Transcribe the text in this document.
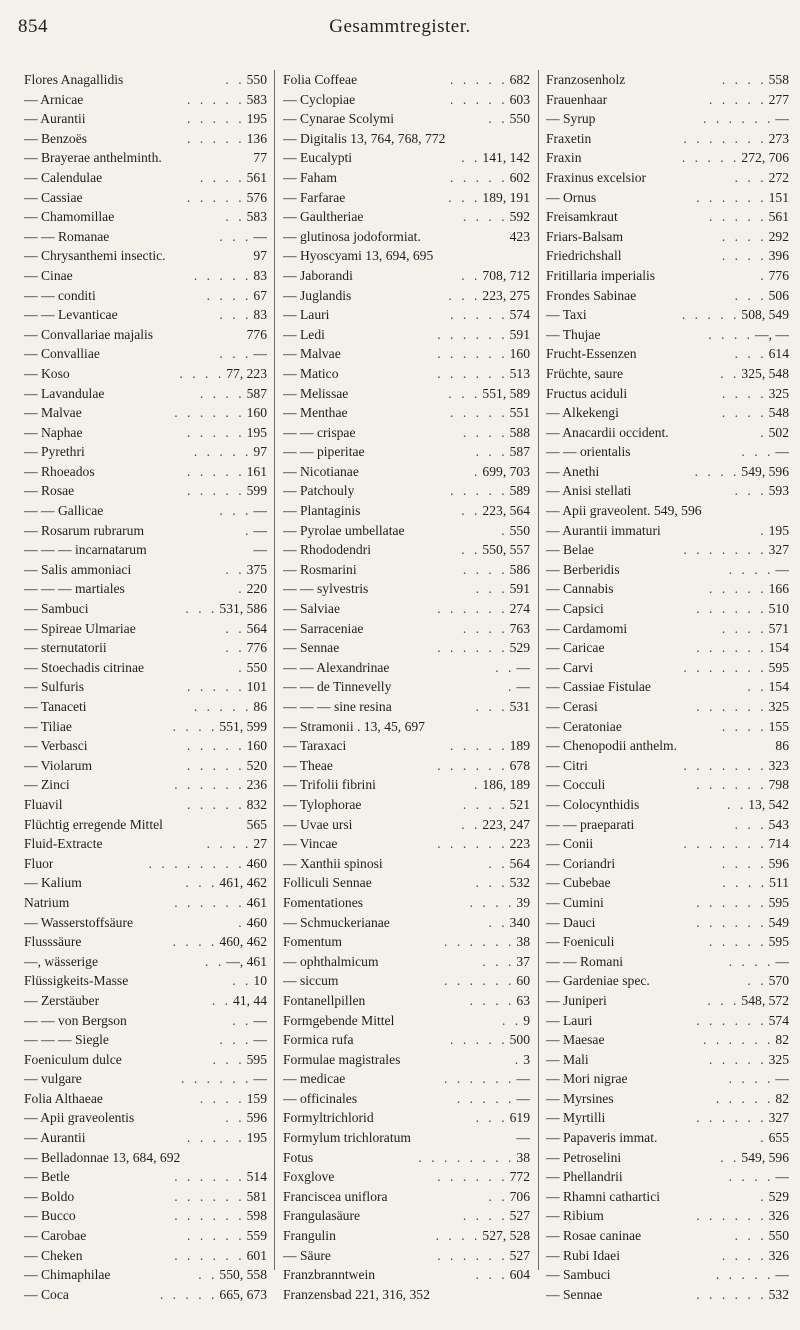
854	Gesammtregister.
Flores Anagallidis	. . 550
— Arnicae	. . . . . 583
— Aurantii	. . . . . 195
— Benzoës	. . . . . 136
— Brayerae anthelminth.	77
— Calendulae	. . . . 561
— Cassiae	. . . . . 576
— Chamomillae	. . 583
— — Romanae	. . . —
— Chrysanthemi insectic.	97
— Cinae	. . . . . 83
— — conditi	. . . . 67
— — Levanticae	. . . 83
— Convallariae majalis	776
— Convalliae	. . . —
— Koso	. . . . 77, 223
— Lavandulae	. . . . 587
— Malvae	. . . . . . 160
— Naphae	. . . . . 195
— Pyrethri	. . . . . 97
— Rhoeados	. . . . . 161
— Rosae	. . . . . 599
— — Gallicae	. . . —
— Rosarum rubrarum	. —
— — — incarnatarum	—
— Salis ammoniaci	. . 375
— — — martiales	. 220
— Sambuci	. . . 531, 586
— Spireae Ulmariae	. . 564
— sternutatorii	. . 776
— Stoechadis citrinae	. 550
— Sulfuris	. . . . . 101
— Tanaceti	. . . . . 86
— Tiliae	. . . . 551, 599
— Verbasci	. . . . . 160
— Violarum	. . . . . 520
— Zinci	. . . . . . 236
Fluavil	. . . . . 832
Flüchtig erregende Mittel	565
Fluid-Extracte	. . . . 27
Fluor	. . . . . . . . 460
— Kalium	. . . 461, 462
Natrium	. . . . . . 461
— Wasserstoffsäure	. 460
Flusssäure	. . . . 460, 462
—, wässerige	. . —, 461
Flüssigkeits-Masse	. . 10
— Zerstäuber	. . 41, 44
— — von Bergson	. . —
— — — Siegle	. . . —
Foeniculum dulce	. . . 595
— vulgare	. . . . . . —
Folia Althaeae	. . . . 159
— Apii graveolentis	. . 596
— Aurantii	. . . . . 195
— Belladonnae 13, 684, 692
— Betle	. . . . . . 514
— Boldo	. . . . . . 581
— Bucco	. . . . . . 598
— Carobae	. . . . . 559
— Cheken	. . . . . . 601
— Chimaphilae	. . 550, 558
— Coca	. . . . . 665, 673
Folia Coffeae	. . . . . 682
— Cyclopiae	. . . . . 603
— Cynarae Scolymi	. . 550
— Digitalis 13, 764, 768, 772
— Eucalypti	. . 141, 142
— Faham	. . . . . 602
— Farfarae	. . . 189, 191
— Gaultheriae	. . . . 592
— glutinosa jodoformiat.	423
— Hyoscyami 13, 694, 695
— Jaborandi	. . 708, 712
— Juglandis	. . . 223, 275
— Lauri	. . . . . 574
— Ledi	. . . . . . 591
— Malvae	. . . . . . 160
— Matico	. . . . . . 513
— Melissae	. . . 551, 589
— Menthae	. . . . . 551
— — crispae	. . . . 588
— — piperitae	. . . 587
— Nicotianae	. 699, 703
— Patchouly	. . . . . 589
— Plantaginis	. . 223, 564
— Pyrolae umbellatae	. 550
— Rhododendri	. . 550, 557
— Rosmarini	. . . . 586
— — sylvestris	. . . 591
— Salviae	. . . . . . 274
— Sarraceniae	. . . . 763
— Sennae	. . . . . . 529
— — Alexandrinae	. . —
— — de Tinnevelly	. —
— — — sine resina	. . . 531
— Stramonii . 13, 45, 697
— Taraxaci	. . . . . 189
— Theae	. . . . . . 678
— Trifolii fibrini	. 186, 189
— Tylophorae	. . . . 521
— Uvae ursi	. . 223, 247
— Vincae	. . . . . . 223
— Xanthii spinosi	. . 564
Folliculi Sennae	. . . 532
Fomentationes	. . . . 39
— Schmuckerianae	. . 340
Fomentum	. . . . . . 38
— ophthalmicum	. . . 37
— siccum	. . . . . . 60
Fontanellpillen	. . . . 63
Formgebende Mittel	. . 9
Formica rufa	. . . . . 500
Formulae magistrales	. 3
— medicae	. . . . . . —
— officinales	. . . . . —
Formyltrichlorid	. . . 619
Formylum trichloratum	—
Fotus	. . . . . . . . 38
Foxglove	. . . . . . 772
Franciscea uniflora	. . 706
Frangulasäure	. . . . 527
Frangulin	. . . . 527, 528
— Säure	. . . . . . 527
Franzbranntwein	. . . 604
Franzensbad 221, 316, 352
Franzosenholz	. . . . 558
Frauenhaar	. . . . . 277
— Syrup	. . . . . . —
Fraxetin	. . . . . . . 273
Fraxin	. . . . . 272, 706
Fraxinus excelsior	. . . 272
— Ornus	. . . . . . 151
Freisamkraut	. . . . . 561
Friars-Balsam	. . . . 292
Friedrichshall	. . . . 396
Fritillaria imperialis	. 776
Frondes Sabinae	. . . 506
— Taxi	. . . . . 508, 549
— Thujae	. . . . —, —
Frucht-Essenzen	. . . 614
Früchte, saure	. . 325, 548
Fructus aciduli	. . . . 325
— Alkekengi	. . . . 548
— Anacardii occident.	. 502
— — orientalis	. . . —
— Anethi	. . . . 549, 596
— Anisi stellati	. . . 593
— Apii graveolent. 549, 596
— Aurantii immaturi	. 195
— Belae	. . . . . . . 327
— Berberidis	. . . . —
— Cannabis	. . . . . 166
— Capsici	. . . . . . 510
— Cardamomi	. . . . 571
— Caricae	. . . . . . 154
— Carvi	. . . . . . . 595
— Cassiae Fistulae	. . 154
— Cerasi	. . . . . . 325
— Ceratoniae	. . . . 155
— Chenopodii anthelm.	86
— Citri	. . . . . . . 323
— Cocculi	. . . . . . 798
— Colocynthidis	. . 13, 542
— — praeparati	. . . 543
— Conii	. . . . . . . 714
— Coriandri	. . . . 596
— Cubebae	. . . . 511
— Cumini	. . . . . . 595
— Dauci	. . . . . . 549
— Foeniculi	. . . . . 595
— — Romani	. . . . —
— Gardeniae spec.	. . 570
— Juniperi	. . . 548, 572
— Lauri	. . . . . . 574
— Maesae	. . . . . . 82
— Mali	. . . . . 325
— Mori nigrae	. . . . —
— Myrsines	. . . . . 82
— Myrtilli	. . . . . . 327
— Papaveris immat.	. 655
— Petroselini	. . 549, 596
— Phellandrii	. . . . —
— Rhamni cathartici	. 529
— Ribium	. . . . . . 326
— Rosae caninae	. . . 550
— Rubi Idaei	. . . . 326
— Sambuci	. . . . . —
— Sennae	. . . . . . 532
